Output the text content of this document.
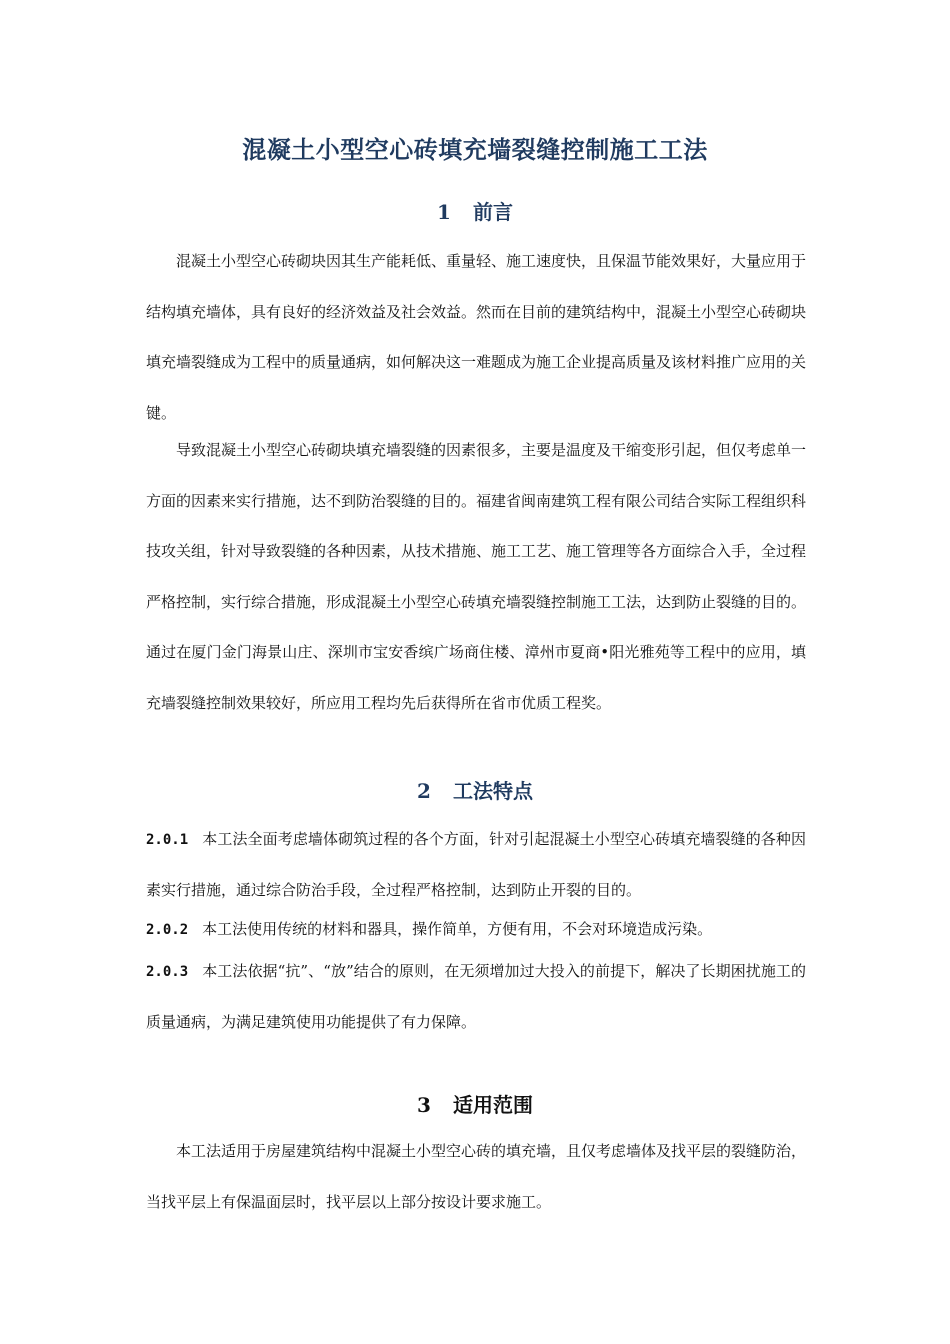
混凝土小型空心砖填充墙裂缝控制施工工法
1 前言

混凝土小型空心砖砌块因其生产能耗低、重量轻、施工速度快，且保温节能效果好，大量应用于结构填充墙体，具有良好的经济效益及社会效益。然而在目前的建筑结构中，混凝土小型空心砖砌块填充墙裂缝成为工程中的质量通病，如何解决这一难题成为施工企业提高质量及该材料推广应用的关键。

导致混凝土小型空心砖砌块填充墙裂缝的因素很多，主要是温度及干缩变形引起，但仅考虑单一方面的因素来实行措施，达不到防治裂缝的目的。福建省闽南建筑工程有限公司结合实际工程组织科技攻关组，针对导致裂缝的各种因素，从技术措施、施工工艺、施工管理等各方面综合入手，全过程严格控制，实行综合措施，形成混凝土小型空心砖填充墙裂缝控制施工工法，达到防止裂缝的目的。通过在厦门金门海景山庄、深圳市宝安香缤广场商住楼、漳州市夏商•阳光雅苑等工程中的应用，填充墙裂缝控制效果较好，所应用工程均先后获得所在省市优质工程奖。

2 工法特点

2.0.1 本工法全面考虑墙体砌筑过程的各个方面，针对引起混凝土小型空心砖填充墙裂缝的各种因素实行措施，通过综合防治手段，全过程严格控制，达到防止开裂的目的。

2.0.2 本工法使用传统的材料和器具，操作简单，方便有用，不会对环境造成污染。

2.0.3 本工法依据“抗”、“放”结合的原则，在无须增加过大投入的前提下，解决了长期困扰施工的质量通病，为满足建筑使用功能提供了有力保障。

3 适用范围

本工法适用于房屋建筑结构中混凝土小型空心砖的填充墙，且仅考虑墙体及找平层的裂缝防治，当找平层上有保温面层时，找平层以上部分按设计要求施工。
